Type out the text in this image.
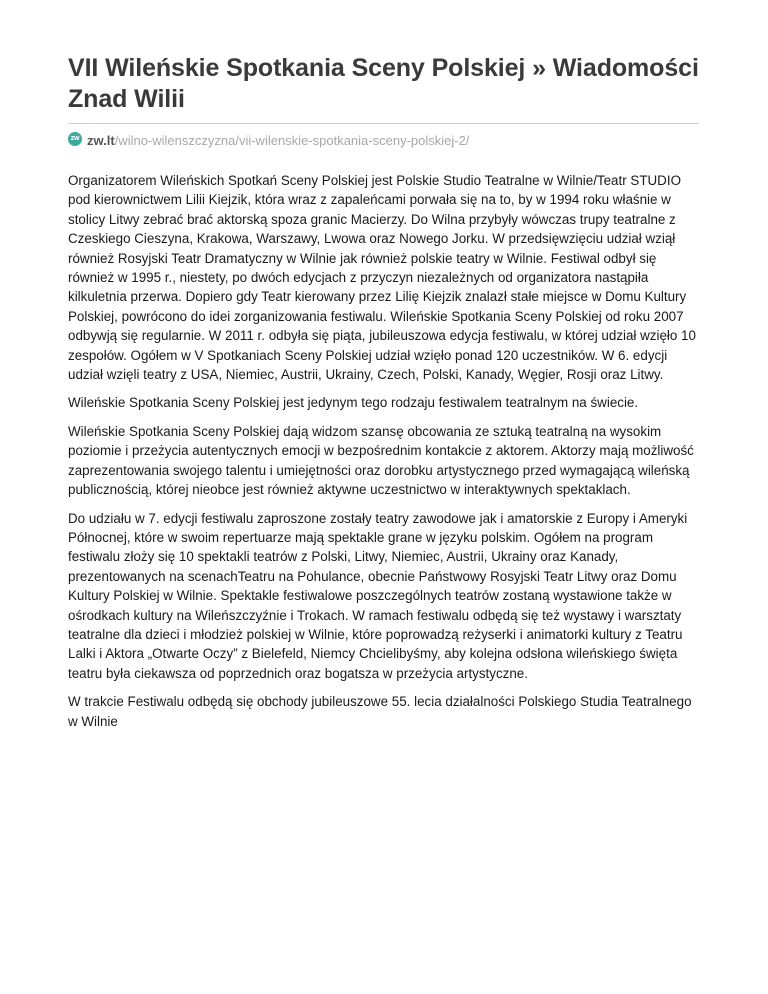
VII Wileńskie Spotkania Sceny Polskiej » Wiadomości Znad Wilii
ZW zw.lt /wilno-wilenszczyzna/vii-wilenskie-spotkania-sceny-polskiej-2/

Organizatorem Wileńskich Spotkań Sceny Polskiej jest Polskie Studio Teatralne w Wilnie/Teatr STUDIO pod kierownictwem Lilii Kiejzik, która wraz z zapaleńcami porwała się na to, by w 1994 roku właśnie w stolicy Litwy zebrać brać aktorską spoza granic Macierzy. Do Wilna przybyły wówczas trupy teatralne z Czeskiego Cieszyna, Krakowa, Warszawy, Lwowa oraz Nowego Jorku. W przedsięwzięciu udział wziął również Rosyjski Teatr Dramatyczny w Wilnie jak również polskie teatry w Wilnie. Festiwal odbył się również w 1995 r., niestety, po dwóch edycjach z przyczyn niezależnych od organizatora nastąpiła kilkuletnia przerwa. Dopiero gdy Teatr kierowany przez Lilię Kiejzik znalazł stałe miejsce w Domu Kultury Polskiej, powrócono do idei zorganizowania festiwalu. Wileńskie Spotkania Sceny Polskiej od roku 2007 odbywją się regularnie. W 2011 r. odbyła się piąta, jubileuszowa edycja festiwalu, w której udział wzięło 10 zespołów. Ogółem w V Spotkaniach Sceny Polskiej udział wzięło ponad 120 uczestników. W 6. edycji udział wzięli teatry z USA, Niemiec, Austrii, Ukrainy, Czech, Polski, Kanady, Węgier, Rosji oraz Litwy.

Wileńskie Spotkania Sceny Polskiej jest jedynym tego rodzaju festiwalem teatralnym na świecie.

Wileńskie Spotkania Sceny Polskiej dają widzom szansę obcowania ze sztuką teatralną na wysokim poziomie i przeżycia autentycznych emocji w bezpośrednim kontakcie z aktorem. Aktorzy mają możliwość zaprezentowania swojego talentu i umiejętności oraz dorobku artystycznego przed wymagającą wileńską publicznością, której nieobce jest również aktywne uczestnictwo w interaktywnych spektaklach.

Do udziału w 7. edycji festiwalu zaproszone zostały teatry zawodowe jak i amatorskie z Europy i Ameryki Północnej, które w swoim repertuarze mają spektakle grane w języku polskim. Ogółem na program festiwalu złoży się 10 spektakli teatrów z Polski, Litwy, Niemiec, Austrii, Ukrainy oraz Kanady, prezentowanych na scenachTeatru na Pohulance, obecnie Państwowy Rosyjski Teatr Litwy oraz Domu Kultury Polskiej w Wilnie. Spektakle festiwalowe poszczególnych teatrów zostaną wystawione także w ośrodkach kultury na Wileńszczyźnie i Trokach. W ramach festiwalu odbędą się też wystawy i warsztaty teatralne dla dzieci i młodzież polskiej w Wilnie, które poprowadzą reżyserki i animatorki kultury z Teatru Lalki i Aktora „Otwarte Oczy” z Bielefeld, Niemcy Chcielibyśmy, aby kolejna odsłona wileńskiego święta teatru była ciekawsza od poprzednich oraz bogatsza w przeżycia artystyczne.

W trakcie Festiwalu odbędą się obchody jubileuszowe 55. lecia działalności Polskiego Studia Teatralnego w Wilnie
